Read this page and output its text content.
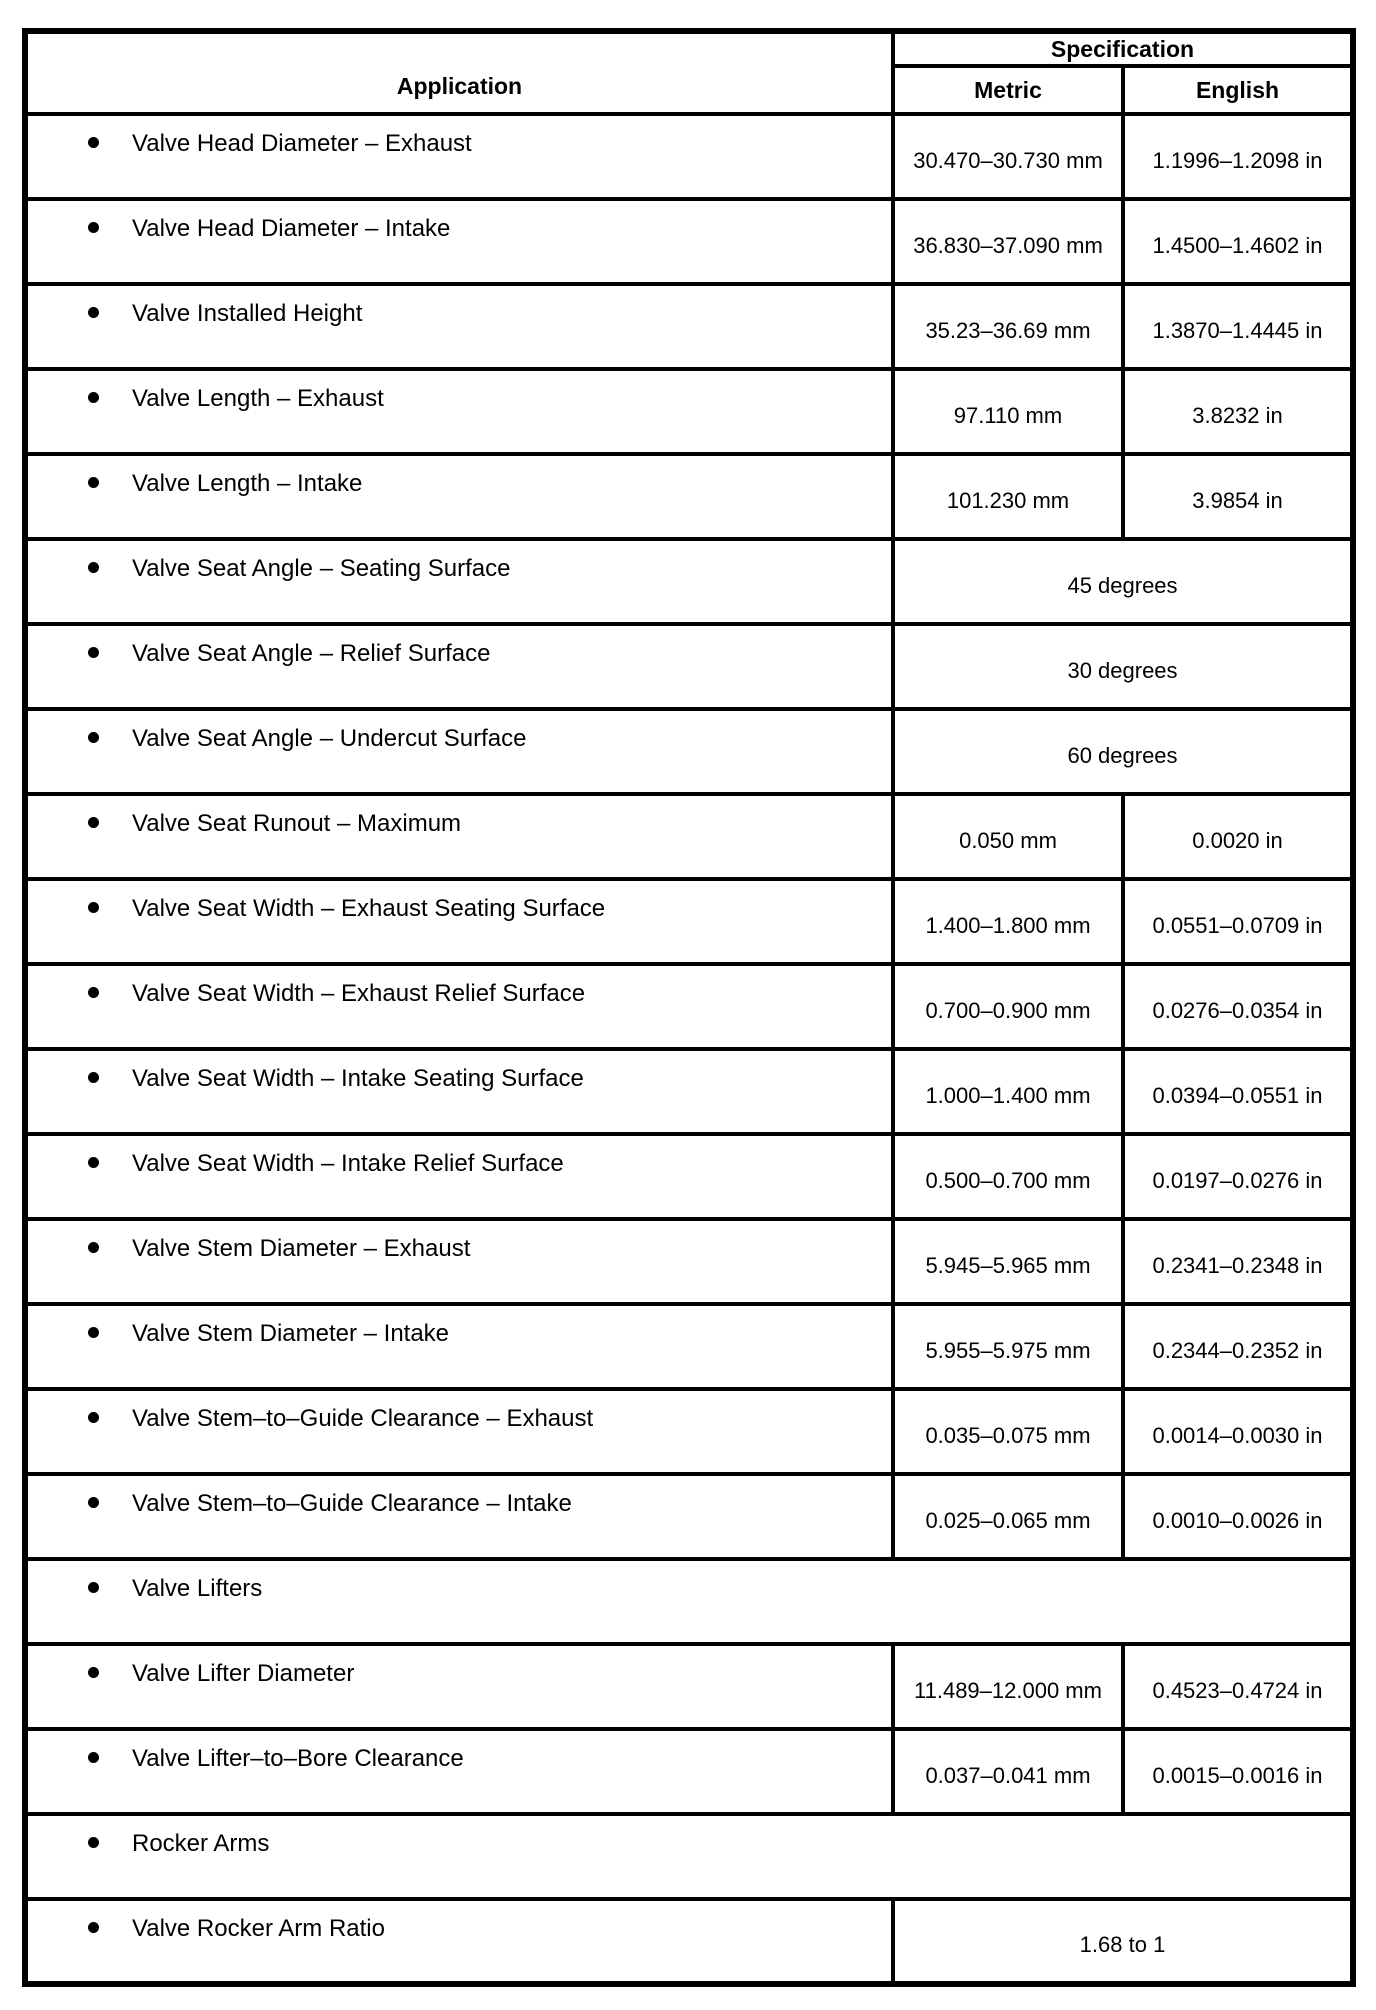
Application	Specification	
	Metric	English
Valve Head Diameter – Exhaust	30.470–30.730 mm	1.1996–1.2098 in
Valve Head Diameter – Intake	36.830–37.090 mm	1.4500–1.4602 in
Valve Installed Height	35.23–36.69 mm	1.3870–1.4445 in
Valve Length – Exhaust	97.110 mm	3.8232 in
Valve Length – Intake	101.230 mm	3.9854 in
Valve Seat Angle – Seating Surface	45 degrees	
Valve Seat Angle – Relief Surface	30 degrees	
Valve Seat Angle – Undercut Surface	60 degrees	
Valve Seat Runout – Maximum	0.050 mm	0.0020 in
Valve Seat Width – Exhaust Seating Surface	1.400–1.800 mm	0.0551–0.0709 in
Valve Seat Width – Exhaust Relief Surface	0.700–0.900 mm	0.0276–0.0354 in
Valve Seat Width – Intake Seating Surface	1.000–1.400 mm	0.0394–0.0551 in
Valve Seat Width – Intake Relief Surface	0.500–0.700 mm	0.0197–0.0276 in
Valve Stem Diameter – Exhaust	5.945–5.965 mm	0.2341–0.2348 in
Valve Stem Diameter – Intake	5.955–5.975 mm	0.2344–0.2352 in
Valve Stem–to–Guide Clearance – Exhaust	0.035–0.075 mm	0.0014–0.0030 in
Valve Stem–to–Guide Clearance – Intake	0.025–0.065 mm	0.0010–0.0026 in
Valve Lifters		
Valve Lifter Diameter	11.489–12.000 mm	0.4523–0.4724 in
Valve Lifter–to–Bore Clearance	0.037–0.041 mm	0.0015–0.0016 in
Rocker Arms		
Valve Rocker Arm Ratio	1.68 to 1	
